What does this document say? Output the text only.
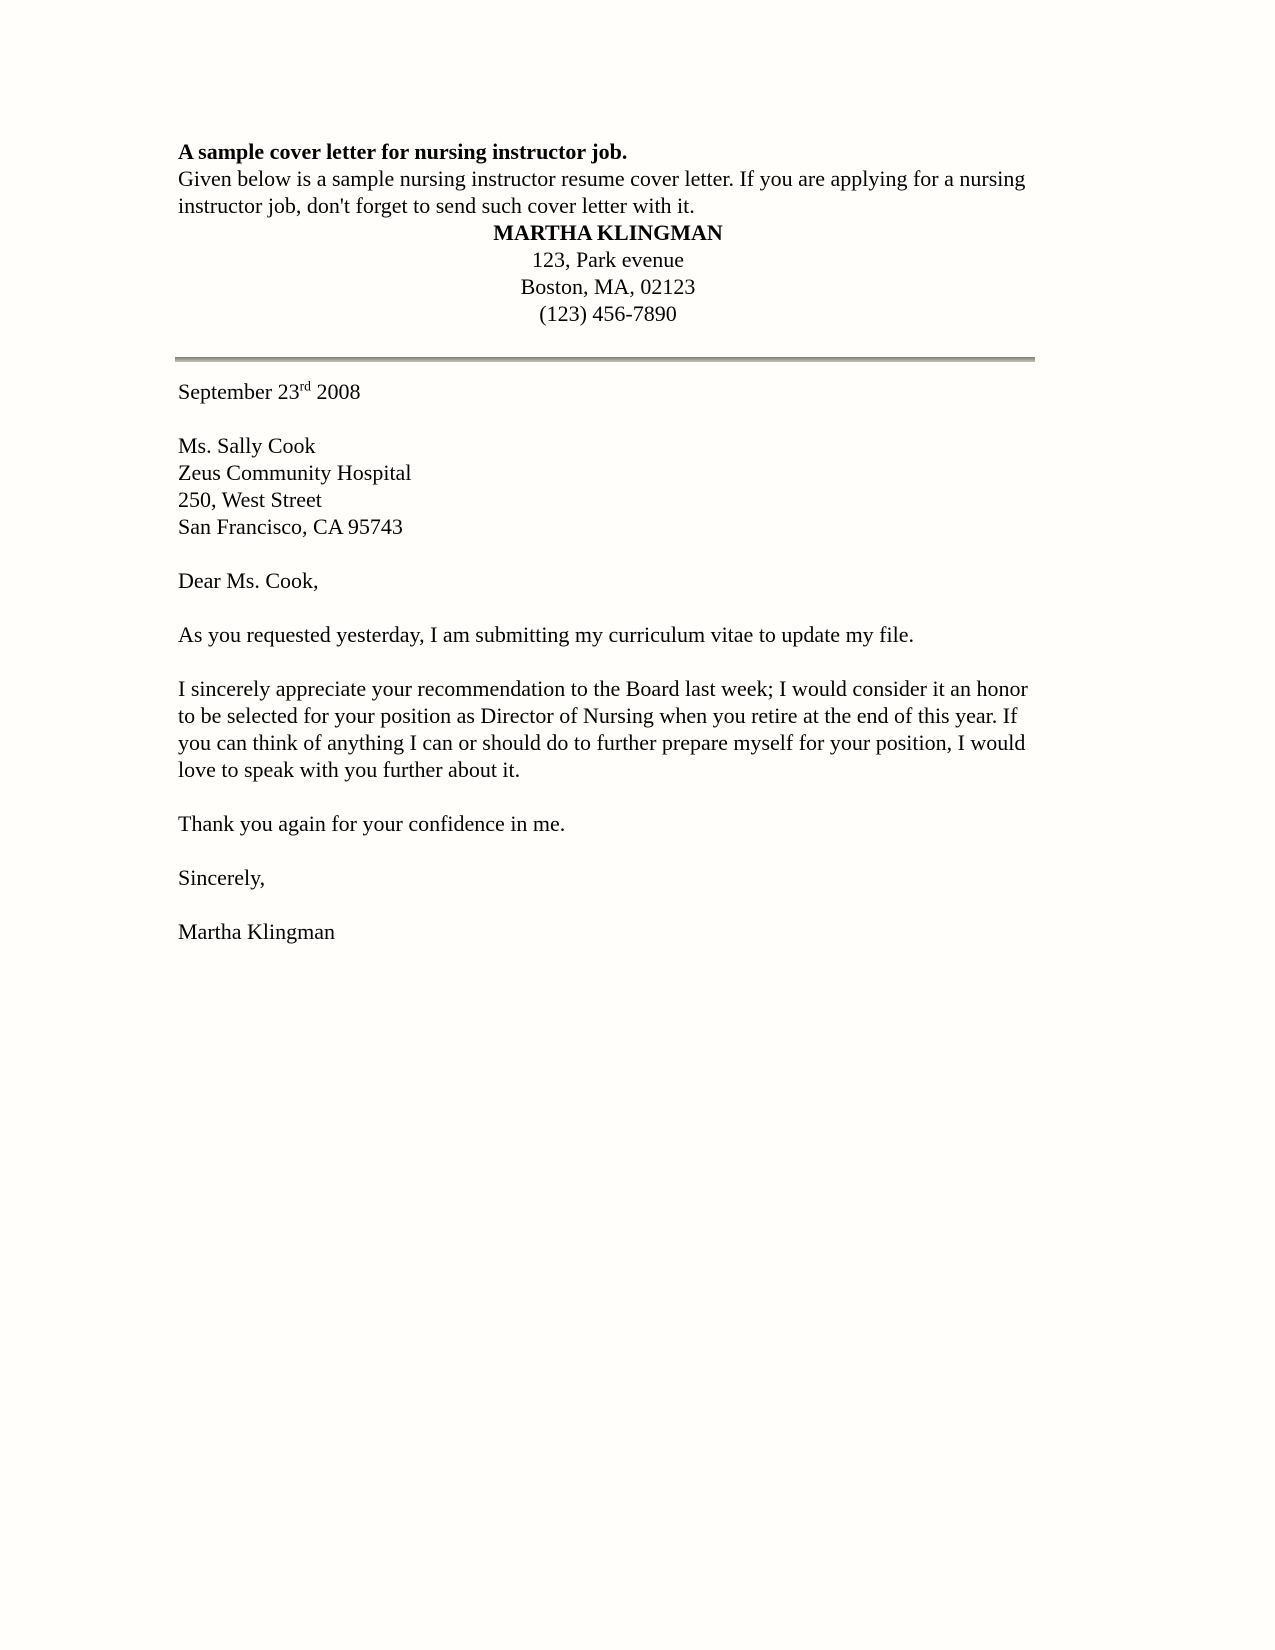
A sample cover letter for nursing instructor job.

Given below is a sample nursing instructor resume cover letter. If you are applying for a nursing instructor job, don't forget to send such cover letter with it.

MARTHA KLINGMAN
123, Park evenue
Boston, MA, 02123
(123) 456-7890

September 23rd 2008

Ms. Sally Cook
Zeus Community Hospital
250, West Street
San Francisco, CA 95743

Dear Ms. Cook,

As you requested yesterday, I am submitting my curriculum vitae to update my file.

I sincerely appreciate your recommendation to the Board last week; I would consider it an honor to be selected for your position as Director of Nursing when you retire at the end of this year. If you can think of anything I can or should do to further prepare myself for your position, I would love to speak with you further about it.

Thank you again for your confidence in me.

Sincerely,

Martha Klingman
